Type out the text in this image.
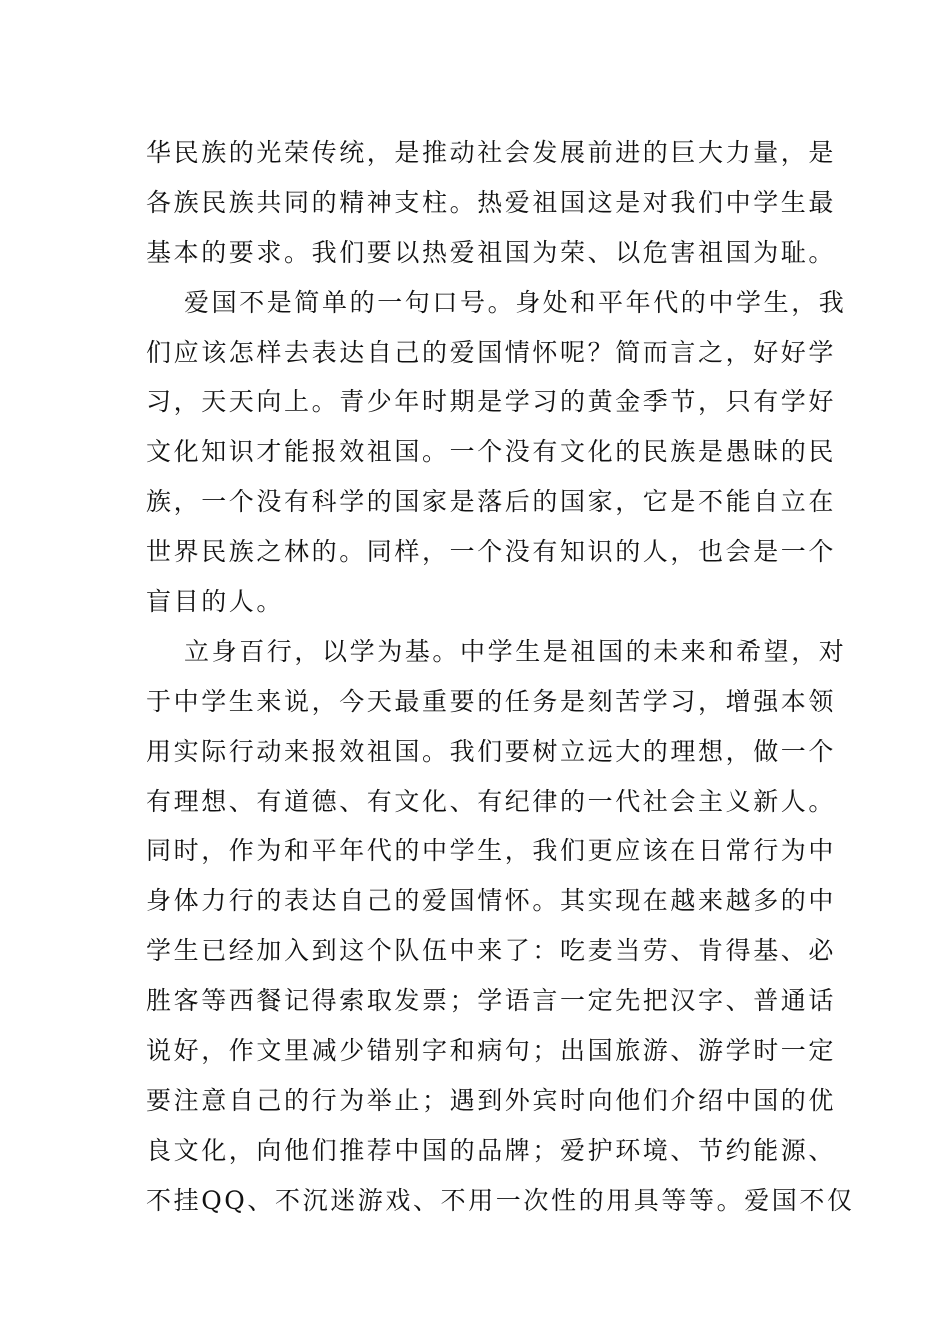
华民族的光荣传统，是推动社会发展前进的巨大力量，是
各族民族共同的精神支柱。热爱祖国这是对我们中学生最
基本的要求。我们要以热爱祖国为荣、以危害祖国为耻。
爱国不是简单的一句口号。身处和平年代的中学生，我
们应该怎样去表达自己的爱国情怀呢？简而言之，好好学
习，天天向上。青少年时期是学习的黄金季节，只有学好
文化知识才能报效祖国。一个没有文化的民族是愚昧的民
族，一个没有科学的国家是落后的国家，它是不能自立在
世界民族之林的。同样，一个没有知识的人，也会是一个
盲目的人。
立身百行，以学为基。中学生是祖国的未来和希望，对
于中学生来说，今天最重要的任务是刻苦学习，增强本领
用实际行动来报效祖国。我们要树立远大的理想，做一个
有理想、有道德、有文化、有纪律的一代社会主义新人。
同时，作为和平年代的中学生，我们更应该在日常行为中
身体力行的表达自己的爱国情怀。其实现在越来越多的中
学生已经加入到这个队伍中来了：吃麦当劳、肯得基、必
胜客等西餐记得索取发票；学语言一定先把汉字、普通话
说好，作文里减少错别字和病句；出国旅游、游学时一定
要注意自己的行为举止；遇到外宾时向他们介绍中国的优
良文化，向他们推荐中国的品牌；爱护环境、节约能源、
不挂QQ、不沉迷游戏、不用一次性的用具等等。爱国不仅
